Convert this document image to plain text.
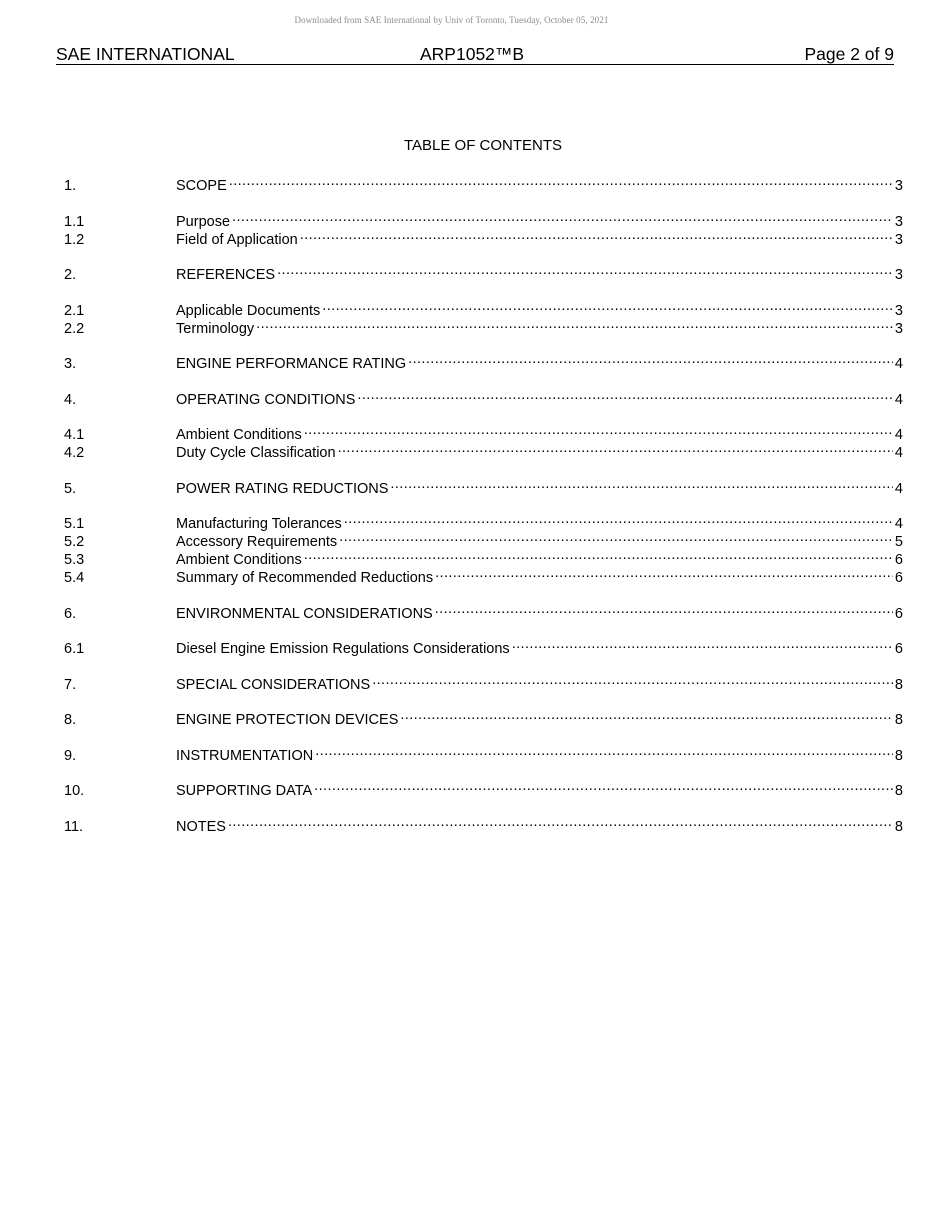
Downloaded from SAE International by Univ of Toronto, Tuesday, October 05, 2021
SAE INTERNATIONAL	ARP1052™B	Page 2 of 9
TABLE OF CONTENTS
1.	SCOPE .....	3
1.1	Purpose .....	3
1.2	Field of Application .....	3
2.	REFERENCES .....	3
2.1	Applicable Documents .....	3
2.2	Terminology .....	3
3.	ENGINE PERFORMANCE RATING .....	4
4.	OPERATING CONDITIONS .....	4
4.1	Ambient Conditions .....	4
4.2	Duty Cycle Classification .....	4
5.	POWER RATING REDUCTIONS .....	4
5.1	Manufacturing Tolerances .....	4
5.2	Accessory Requirements .....	5
5.3	Ambient Conditions .....	6
5.4	Summary of Recommended Reductions .....	6
6.	ENVIRONMENTAL CONSIDERATIONS .....	6
6.1	Diesel Engine Emission Regulations Considerations .....	6
7.	SPECIAL CONSIDERATIONS .....	8
8.	ENGINE PROTECTION DEVICES .....	8
9.	INSTRUMENTATION .....	8
10.	SUPPORTING DATA .....	8
11.	NOTES .....	8
